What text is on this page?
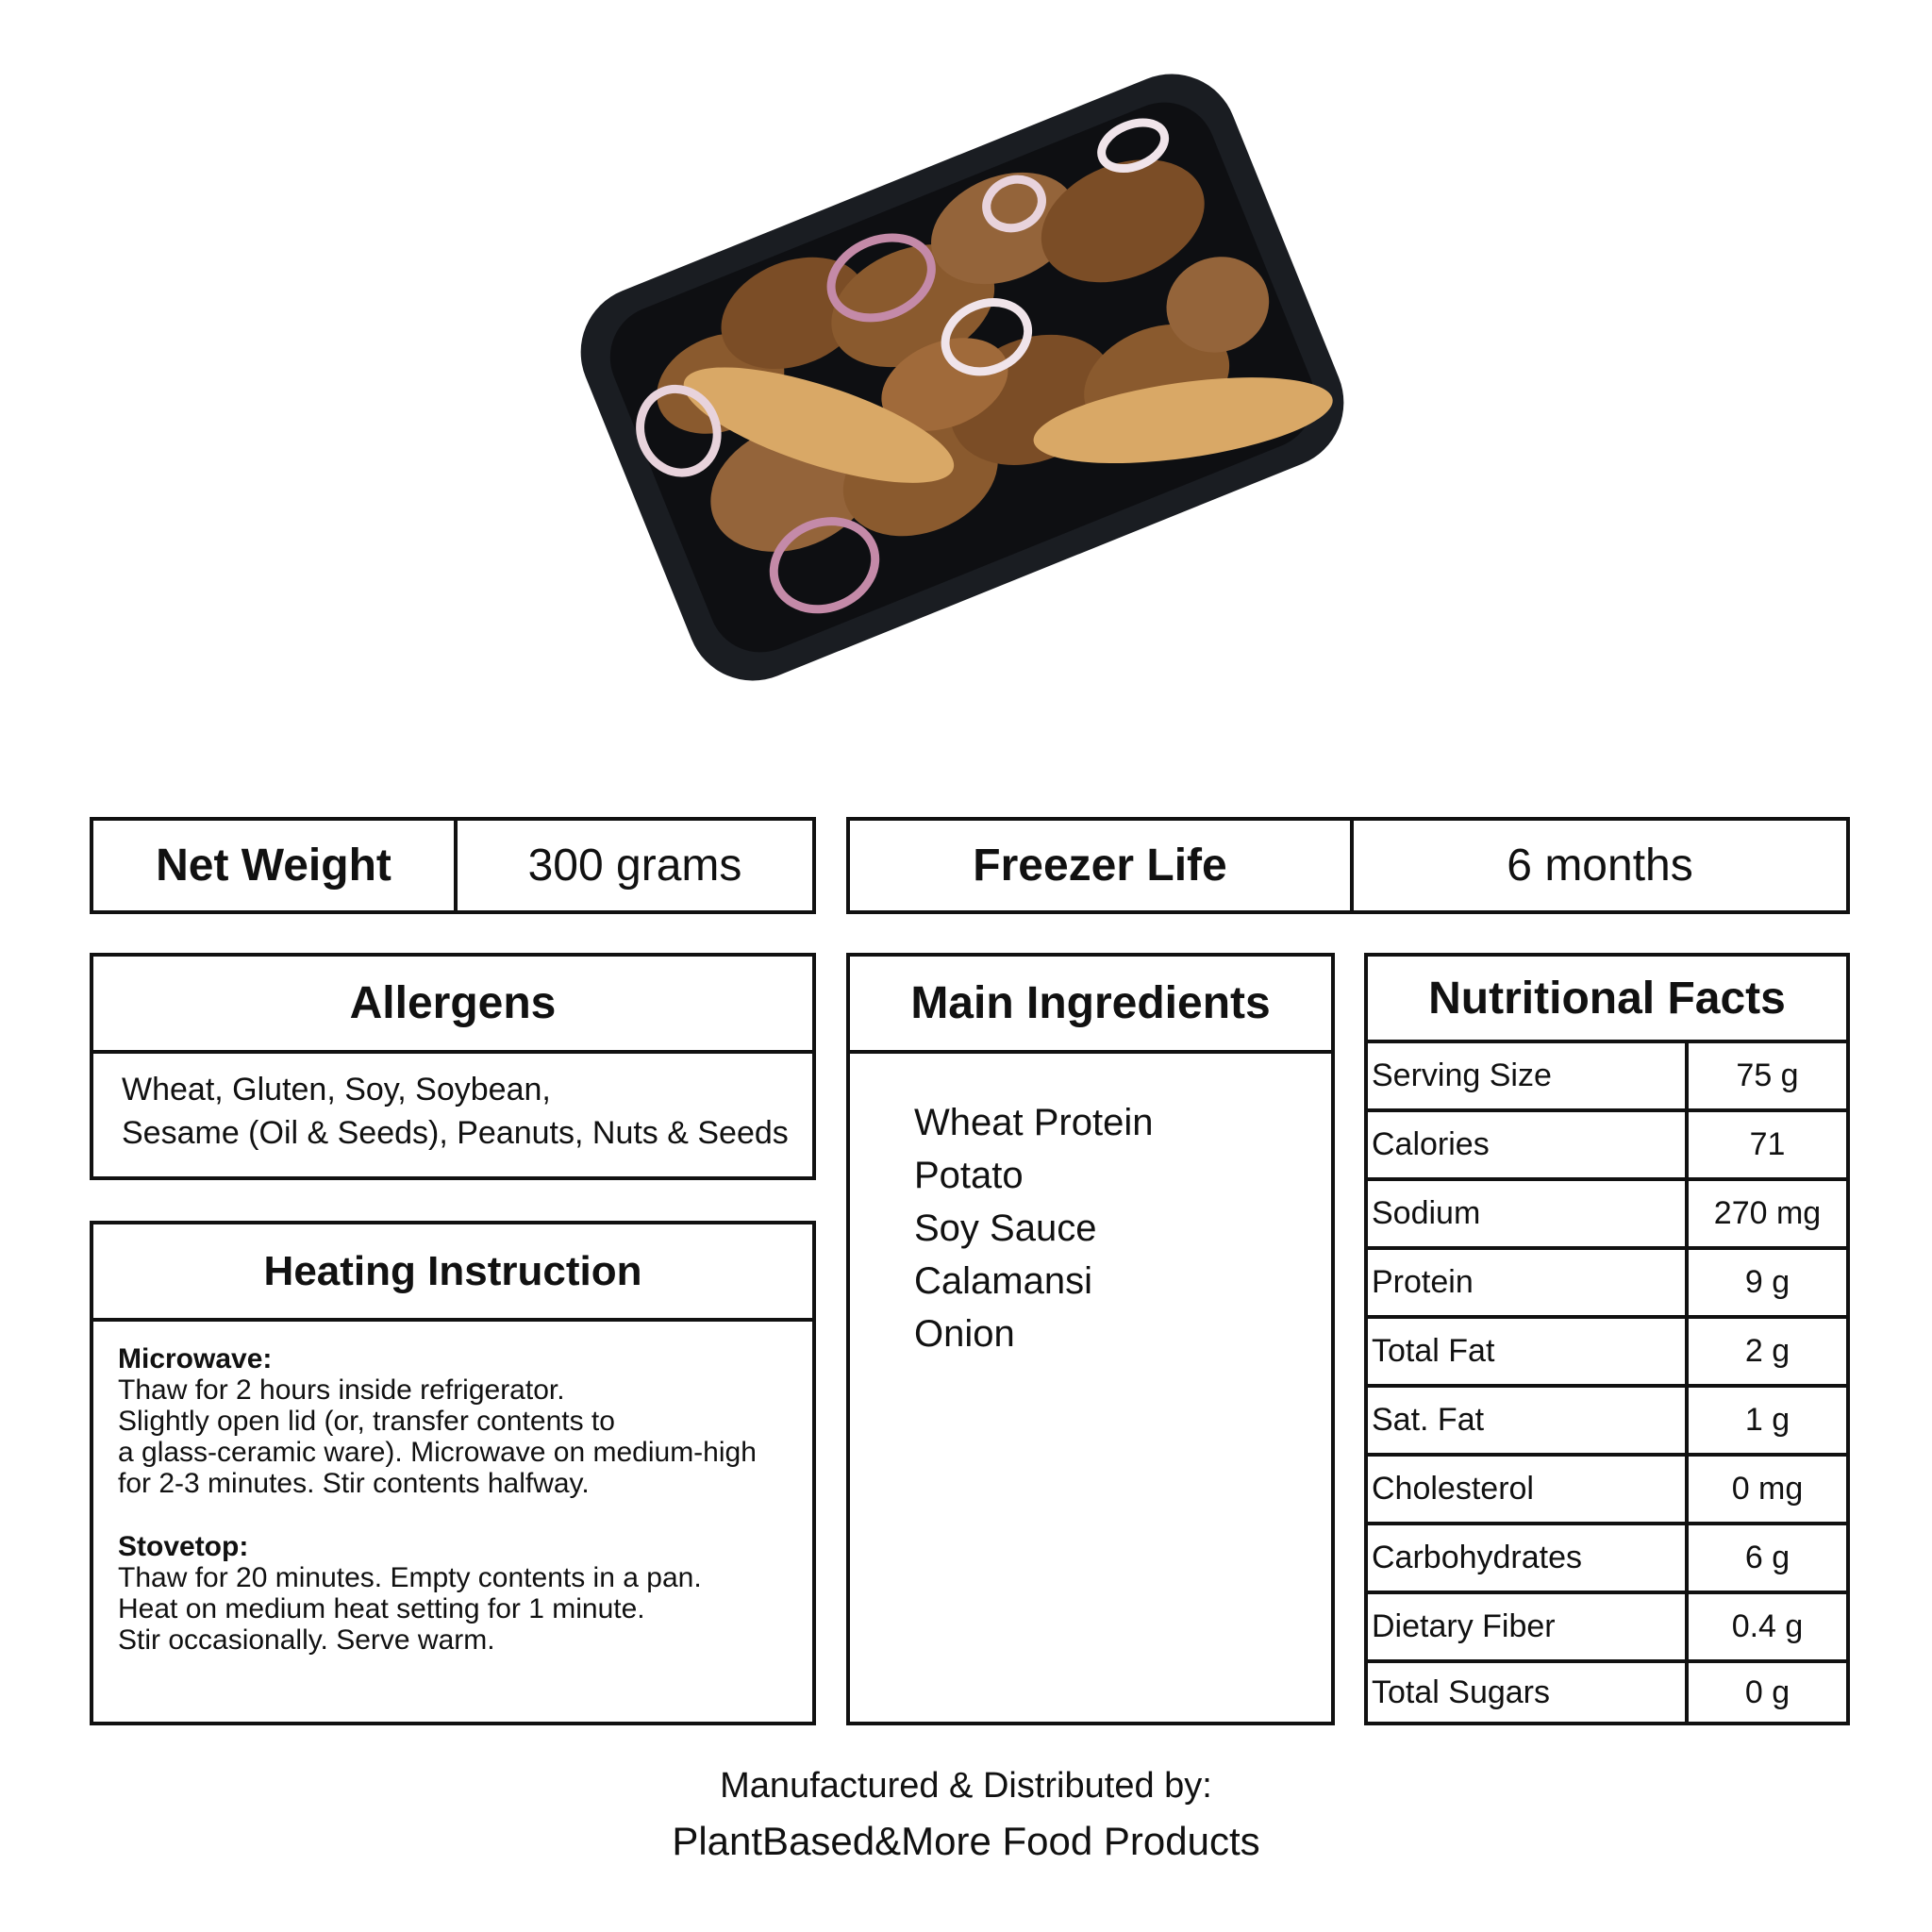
Net Weight	300 grams	Freezer Life	6 months
Allergens
Wheat, Gluten, Soy, Soybean,
Sesame (Oil & Seeds), Peanuts, Nuts & Seeds
Heating Instruction
Microwave:
Thaw for 2 hours inside refrigerator.
Slightly open lid (or, transfer contents to
a glass-ceramic ware). Microwave on medium-high
for 2-3 minutes. Stir contents halfway.
Stovetop:
Thaw for 20 minutes. Empty contents in a pan.
Heat on medium heat setting for 1 minute.
Stir occasionally. Serve warm.
Main Ingredients
Wheat Protein
Potato
Soy Sauce
Calamansi
Onion
Nutritional Facts
Serving Size	75 g
Calories	71
Sodium	270 mg
Protein	9 g
Total Fat	2 g
Sat. Fat	1 g
Cholesterol	0 mg
Carbohydrates	6 g
Dietary Fiber	0.4 g
Total Sugars	0 g
Manufactured & Distributed by:
PlantBased&More Food Products
